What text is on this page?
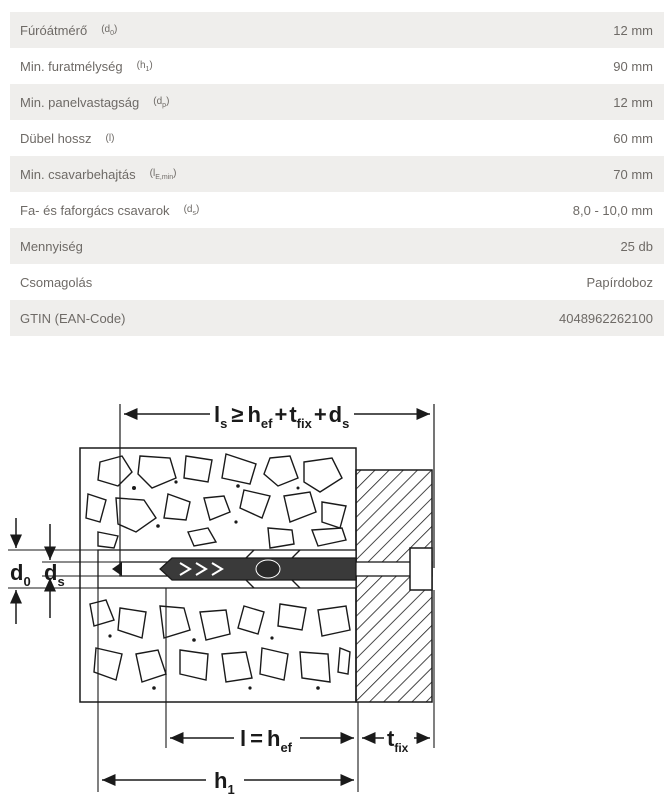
Fúróátmérő $(d_0)$	12 mm
Min. furatmélység $(h_1)$	90 mm
Min. panelvastagság $(d_p)$	12 mm
Dübel hossz (l)	60 mm
Min. csavarbehajtás $(l_{E,min})$	70 mm
Fa- és faforgács csavarok $(d_s)$	8,0 - 10,0 mm
Mennyiség	25 db
Csomagolás	Papírdoboz
GTIN (EAN-Code)	4048962262100
$l_s \ge h_{ef}+t_{fix}+d_s$
$d_0$ $d_s$
$l = h_{ef}$	$t_{fix}$
$h_1$
